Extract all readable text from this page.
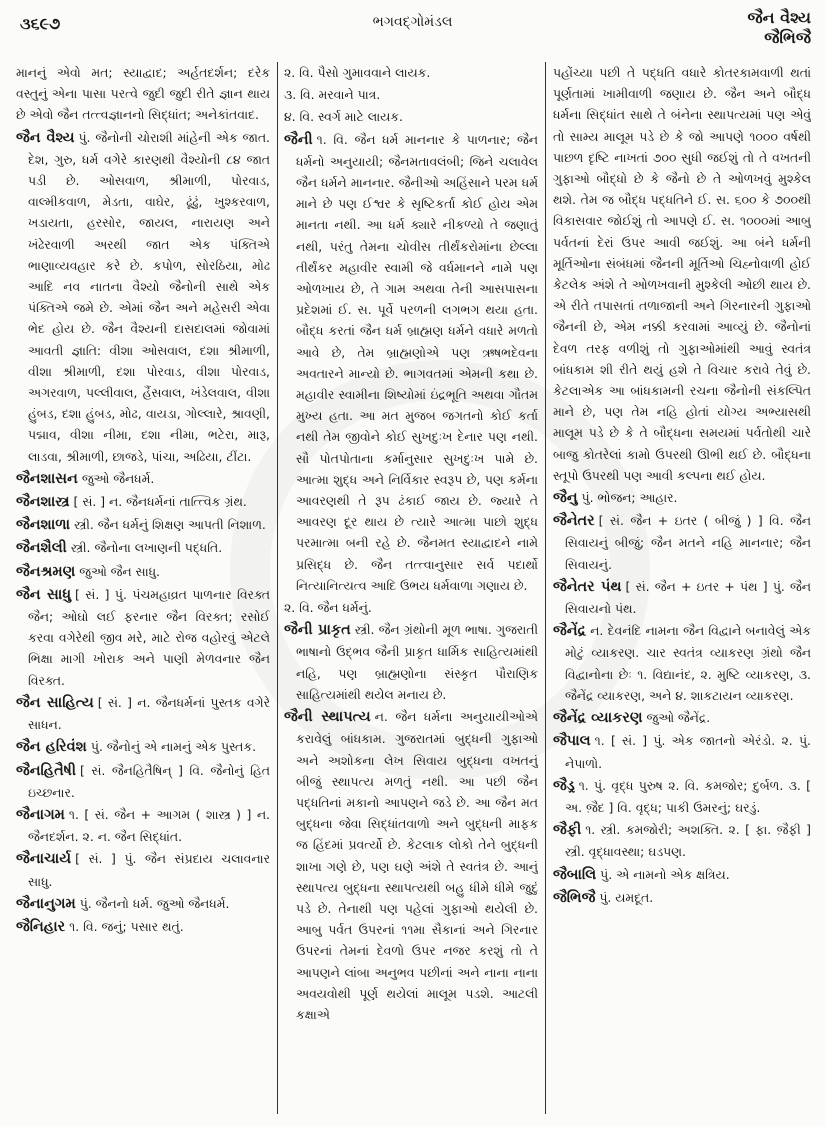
૩૬૯૭	ભગવદ્ગોમંડલ	જૈન વૈશ્ય
જૈભિજૈ
માનનું એવો મત; સ્યાદ્વાદ; અર્હતદર્શન; દરેક વસ્તુનું એના પાસા પરત્વે જુદી જુદી રીતે જ્ઞાન થાય છે એવો જૈન તત્ત્વજ્ઞાનનો સિદ્ધાંત; અનેકાંતવાદ.
જૈન વૈશ્ય પું. જૈનોની ચોરાશી માંહેની એક જાત. દેશ, ગુરુ, ધર્મ વગેરે કારણથી વૈશ્યોની ૮૪ જાત પડી છે. ઓસવાળ, શ્રીમાળી, પોરવાડ, વાલ્મીકવાળ, મેડતા, વાઘેર, ઢૂંઢું, ખુશ્કરવાળ, ખડાયતા, હરસોર, જાયલ, નારાયણ અને ખંઢેરવાળી અરથી જાત એક પંક્તિએ ભાણાવ્યવહાર કરે છે. કપોળ, સોરઠિયા, મોઢ આદિ નવ નાતના વૈશ્યો જૈનોની સાથે એક પંક્તિએ જમે છે. એમાં જૈન અને મહેસરી એવા ભેદ હોય છે. જૈન વૈશ્યની દાસદાલમાં જોવામાં આવતી જ્ઞાતિ: વીશા ઓસવાલ, દશા શ્રીમાળી, વીશા શ્રીમાળી, દશા પોરવાડ, વીશા પોરવાડ, અગરવાળ, પલ્લીવાલ, હૈંસવાલ, ખંડેલવાલ, વીશા હુંબડ, દશા હુંબડ, મોઢ, વાયડા, ગોલ્લારે, શ્રાવણી, પદ્માવ, વીશા નીમા, દશા નીમા, ભટેરા, મારૂ, લાડવા, શ્રીમાળી, છાજડે, પાંચા, અઢિયા, ટીંટા.
જૈનશાસન જુઓ જૈનધર્મ.
જૈનશાસ્ત્ર [ સં. ] ન. જૈનધર્મનાં તાત્ત્વિક ગ્રંથ.
જૈનશાળા સ્ત્રી. જૈન ધર્મનું શિક્ષણ આપતી નિશાળ.
જૈનશૈલી સ્ત્રી. જૈનોના લખાણની પદ્ધતિ.
જૈનશ્રમણ જુઓ જૈન સાધુ.
જૈન સાધુ [ સં. ] પું. પંચમહાવ્રત પાળનાર વિરક્ત જૈન; ઓઘો લઈ ફરનાર જૈન વિરક્ત; રસોઈ કરવા વગેરેથી જીવ મરે, માટે રોજ વહોરવું એટલે ભિક્ષા માગી ખોરાક અને પાણી મેળવનાર જૈન વિરક્ત.
જૈન સાહિત્ય [ સં. ] ન. જૈનધર્મનાં પુસ્તક વગેરે સાધન.
જૈન હરિવંશ પું. જૈનોનું એ નામનું એક પુસ્તક.
જૈનહિતૈષી [ સં. જૈનહિતૈષિન્ ] વિ. જૈનોનું હિત ઇચ્છનાર.
જૈનાગમ ૧. [ સં. જૈન + આગમ ( શાસ્ત્ર ) ] ન. જૈનદર્શન. ૨. ન. જૈન સિદ્ધાંત.
જૈનાચાર્ય [ સં. ] પું. જૈન સંપ્રદાય ચલાવનાર સાધુ.
જૈનાનુગમ પું. જૈનનો ધર્મ. જુઓ જૈનધર્મ.
જૈનિહાર ૧. વિ. જનું; પસાર થતું.
૨. વિ. પૈસો ગુમાવવાને લાયક.
૩. વિ. મરવાને પાત્ર.
૪. વિ. સ્વર્ગ માટે લાયક.
જૈની ૧. વિ. જૈન ધર્મ માનનાર કે પાળનાર; જૈન ધર્મનો અનુયાયી; જૈનમતાવલંબી; જિને ચલાવેલ જૈન ધર્મને માનનાર. જૈનીઓ અહિંસાને પરમ ધર્મ માને છે પણ ઈશ્વર કે સૃષ્ટિકર્તા કોઈ હોય એમ માનતા નથી. આ ધર્મ ક્યારે નીકળ્યો તે જણાતું નથી, પરંતુ તેમના ચોવીસ તીર્થંકરોમાંના છેલ્લા તીર્થંકર મહાવીર સ્વામી જે વર્ધમાનને નામે પણ ઓળખાય છે, તે ગામ અથવા તેની આસપાસના પ્રદેશમાં ઈ. સ. પૂર્વે પરળની લગભગ થયા હતા. બૌદ્ધ કરતાં જૈન ધર્મ બ્રાહ્મણ ધર્મને વધારે મળતો આવે છે, તેમ બ્રાહ્મણોએ પણ ઋષભદેવના અવતારને માન્યો છે. ભાગવતમાં એમની કથા છે. મહાવીર સ્વામીના શિષ્યોમાં ઇંદ્રભૂતિ અથવા ગૌતમ મુખ્ય હતા. આ મત મુજબ જગતનો કોઈ કર્તા નથી તેમ જીવોને કોઈ સુખદુઃખ દેનાર પણ નથી. સૌ પોતપોતાના કર્માનુસાર સુખદુઃખ પામે છે. આત્મા શુદ્ધ અને નિર્વિકાર સ્વરૂપ છે, પણ કર્મના આવરણથી તે રૂપ ઢંકાઈ જાય છે. જ્યારે તે આવરણ દૂર થાય છે ત્યારે આત્મા પાછો શુદ્ધ પરમાત્મા બની રહે છે. જૈનમત સ્યાદ્વાદને નામે પ્રસિદ્ધ છે. જૈન તત્ત્વાનુસાર સર્વ પદાર્થો નિત્યાનિત્યત્વ આદિ ઉભય ધર્મવાળા ગણાય છે.
૨. વિ. જૈન ધર્મનું.
જૈની પ્રાકૃત સ્ત્રી. જૈન ગ્રંથોની મૂળ ભાષા. ગુજરાતી ભાષાનો ઉદ્ભવ જૈની પ્રાકૃત ધાર્મિક સાહિત્યમાંથી નહિ, પણ બ્રાહ્મણોના સંસ્કૃત પૌરાણિક સાહિત્યમાંથી થયેલ મનાય છે.
જૈની સ્થાપત્ય ન. જૈન ધર્મના અનુયાયીઓએ કરાવેલું બાંધકામ. ગુજરાતમાં બુદ્ધની ગુફાઓ અને અશોકના લેખ સિવાય બુદ્ધના વખતનું બીજું સ્થાપત્ય મળતું નથી. આ પછી જૈન પદ્ધતિનાં મકાનો આપણને જડે છે. આ જૈન મત બુદ્ધના જેવા સિદ્ધાંતવાળો અને બુદ્ધની માફક જ હિંદમાં પ્રવર્ત્યો છે. કેટલાક લોકો તેને બુદ્ધની શાખા ગણે છે, પણ ઘણે અંશે તે સ્વતંત્ર છે. આનું સ્થાપત્ય બુદ્ધના સ્થાપત્યથી બહુ ધીમે ધીમે જુદું પડે છે. તેનાથી પણ પહેલાં ગુફાઓ થયેલી છે. આબુ પર્વત ઉપરનાં ૧૧મા સૈકાનાં અને ગિરનાર ઉપરનાં તેમનાં દેવળો ઉપર નજર કરશું તો તે આપણને લાંબા અનુભવ પછીનાં અને નાના નાના અવયવોથી પૂર્ણ થયેલાં માલૂમ પડશે. આટલી કક્ષાએ
પહોંચ્યા પછી તે પદ્ધતિ વધારે કોતરકામવાળી થતાં પૂર્ણતામાં ખામીવાળી જણાય છે. જૈન અને બૌદ્ધ ધર્મના સિદ્ધાંત સાથે તે બંનેના સ્થાપત્યમાં પણ એવું તો સામ્ય માલૂમ પડે છે કે જો આપણે ૧૦૦૦ વર્ષથી પાછળ દૃષ્ટિ નાખતાં ૭૦૦ સુધી જઈશું તો તે વખતની ગુફાઓ બૌદ્ધો છે કે જૈનો છે તે ઓળખવું મુશ્કેલ થશે. તેમ જ બૌદ્ધ પદ્ધતિને ઈ. સ. ૬૦૦ કે ૭૦૦થી વિકાસવાર જોઈશું તો આપણે ઈ. સ. ૧૦૦૦માં આબુ પર્વતનાં દેરાં ઉપર આવી જઈશું. આ બંને ધર્મની મૂર્તિઓના સંબંધમાં જૈનની મૂર્તિઓ ચિહ્નોવાળી હોઈ કેટલેક અંશે તે ઓળખવાની મુશ્કેલી ઓછી થાય છે. એ રીતે તપાસતાં તળાજાની અને ગિરનારની ગુફાઓ જૈનની છે, એમ નક્કી કરવામાં આવ્યું છે. જૈનોનાં દેવળ તરફ વળીશું તો ગુફાઓમાંથી આવું સ્વતંત્ર બાંધકામ શી રીતે થયું હશે તે વિચાર કરાવે તેવું છે. કેટલાએક આ બાંધકામની રચના જૈનોની સંકલ્પિત માને છે, પણ તેમ નહિ હોતાં યોગ્ય અભ્યાસથી માલૂમ પડે છે કે તે બૌદ્ધના સમયમાં પર્વતોથી ચારે બાજુ કોતરેલાં કામો ઉપરથી ઊભી થઈ છે. બૌદ્ધના સ્તૂપો ઉપરથી પણ આવી કલ્પના થઈ હોય.
જૈનુ પું. ભોજન; આહાર.
જૈનેતર [ સં. જૈન + ઇતર ( બીજું ) ] વિ. જૈન સિવાયનું બીજું; જૈન મતને નહિ માનનાર; જૈન સિવાયનું.
જૈનેતર પંથ [ સં. જૈન + ઇતર + પંથ ] પું. જૈન સિવાયનો પંથ.
જૈનેંદ્ર ન. દેવનંદિ નામના જૈન વિદ્વાને બનાવેલું એક મોટું વ્યાકરણ. ચાર સ્વતંત્ર વ્યાકરણ ગ્રંથો જૈન વિદ્વાનોના છેઃ ૧. વિદ્યાનંદ, ૨. મુષ્ટિ વ્યાકરણ, ૩. જૈનેંદ્ર વ્યાકરણ, અને ૪. શાકટાયન વ્યાકરણ.
જૈનેંદ્ર વ્યાકરણ જુઓ જૈનેંદ્ર.
જૈપાલ ૧. [ સં. ] પું. એક જાતનો એરંડો. ૨. પું. નેપાળો.
જૈડ્ર ૧. પું. વૃદ્ધ પુરુષ ૨. વિ. કમજોર; દુર્બળ. ૩. [ અ. જ઼ૈદ ] વિ. વૃદ્ધ; પાકી ઉમરનું; ઘરડું.
જૈફી ૧. સ્ત્રી. કમજોરી; અશક્તિ. ૨. [ ફા. જ઼ૈફી ] સ્ત્રી. વૃદ્ધાવસ્થા; ઘડપણ.
જૈબાલિ પું. એ નામનો એક ક્ષત્રિય.
જૈભિજૈ પું. યમદૂત.
